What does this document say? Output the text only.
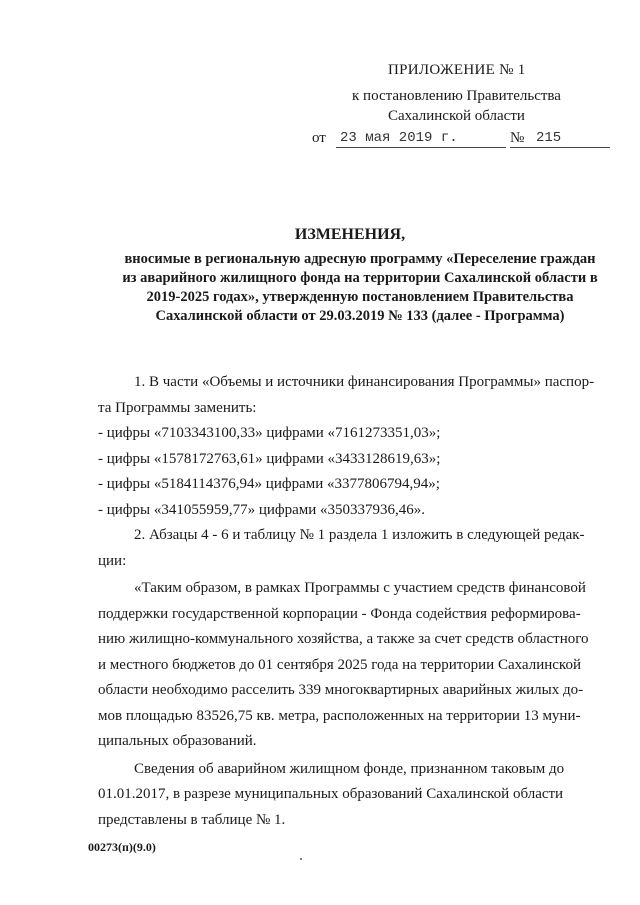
ПРИЛОЖЕНИЕ № 1
к постановлению Правительства
Сахалинской области
от 23 мая 2019 г.	№ 215
ИЗМЕНЕНИЯ,
вносимые в региональную адресную программу «Переселение граждан
из аварийного жилищного фонда на территории Сахалинской области в
2019-2025 годах», утвержденную постановлением Правительства
Сахалинской области от 29.03.2019 № 133 (далее - Программа)

1. В части «Объемы и источники финансирования Программы» паспор-

та Программы заменить:

- цифры «7103343100,33» цифрами «7161273351,03»;

- цифры «1578172763,61» цифрами «3433128619,63»;

- цифры «5184114376,94» цифрами «3377806794,94»;

- цифры «341055959,77» цифрами «350337936,46».

2. Абзацы 4 - 6 и таблицу № 1 раздела 1 изложить в следующей редак-

ции:

«Таким образом, в рамках Программы с участием средств финансовой

поддержки государственной корпорации - Фонда содействия реформирова-

нию жилищно-коммунального хозяйства, а также за счет средств областного

и местного бюджетов до 01 сентября 2025 года на территории Сахалинской

области необходимо расселить 339 многоквартирных аварийных жилых до-

мов площадью 83526,75 кв. метра, расположенных на территории 13 муни-

ципальных образований.

Сведения об аварийном жилищном фонде, признанном таковым до

01.01.2017, в разрезе муниципальных образований Сахалинской области

представлены в таблице № 1.

00273(п)(9.0)
